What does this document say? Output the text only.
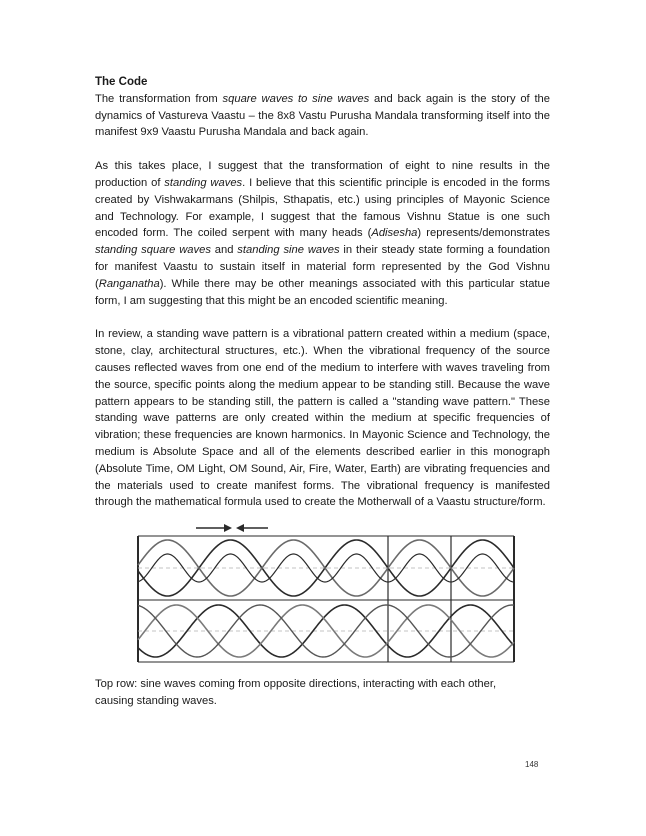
The Code

The transformation from square waves to sine waves and back again is the story of the dynamics of Vastureva Vaastu – the 8x8 Vastu Purusha Mandala transforming itself into the manifest 9x9 Vaastu Purusha Mandala and back again.

As this takes place, I suggest that the transformation of eight to nine results in the production of standing waves. I believe that this scientific principle is encoded in the forms created by Vishwakarmans (Shilpis, Sthapatis, etc.) using principles of Mayonic Science and Technology. For example, I suggest that the famous Vishnu Statue is one such encoded form. The coiled serpent with many heads (Adisesha) represents/demonstrates standing square waves and standing sine waves in their steady state forming a foundation for manifest Vaastu to sustain itself in material form represented by the God Vishnu (Ranganatha). While there may be other meanings associated with this particular statue form, I am suggesting that this might be an encoded scientific meaning.

In review, a standing wave pattern is a vibrational pattern created within a medium (space, stone, clay, architectural structures, etc.). When the vibrational frequency of the source causes reflected waves from one end of the medium to interfere with waves traveling from the source, specific points along the medium appear to be standing still. Because the wave pattern appears to be standing still, the pattern is called a "standing wave pattern." These standing wave patterns are only created within the medium at specific frequencies of vibration; these frequencies are known harmonics. In Mayonic Science and Technology, the medium is Absolute Space and all of the elements described earlier in this monograph (Absolute Time, OM Light, OM Sound, Air, Fire, Water, Earth) are vibrating frequencies and the materials used to create manifest forms. The vibrational frequency is manifested through the mathematical formula used to create the Motherwall of a Vaastu structure/form.

Top row: sine waves coming from opposite directions, interacting with each other, causing standing waves.
148
